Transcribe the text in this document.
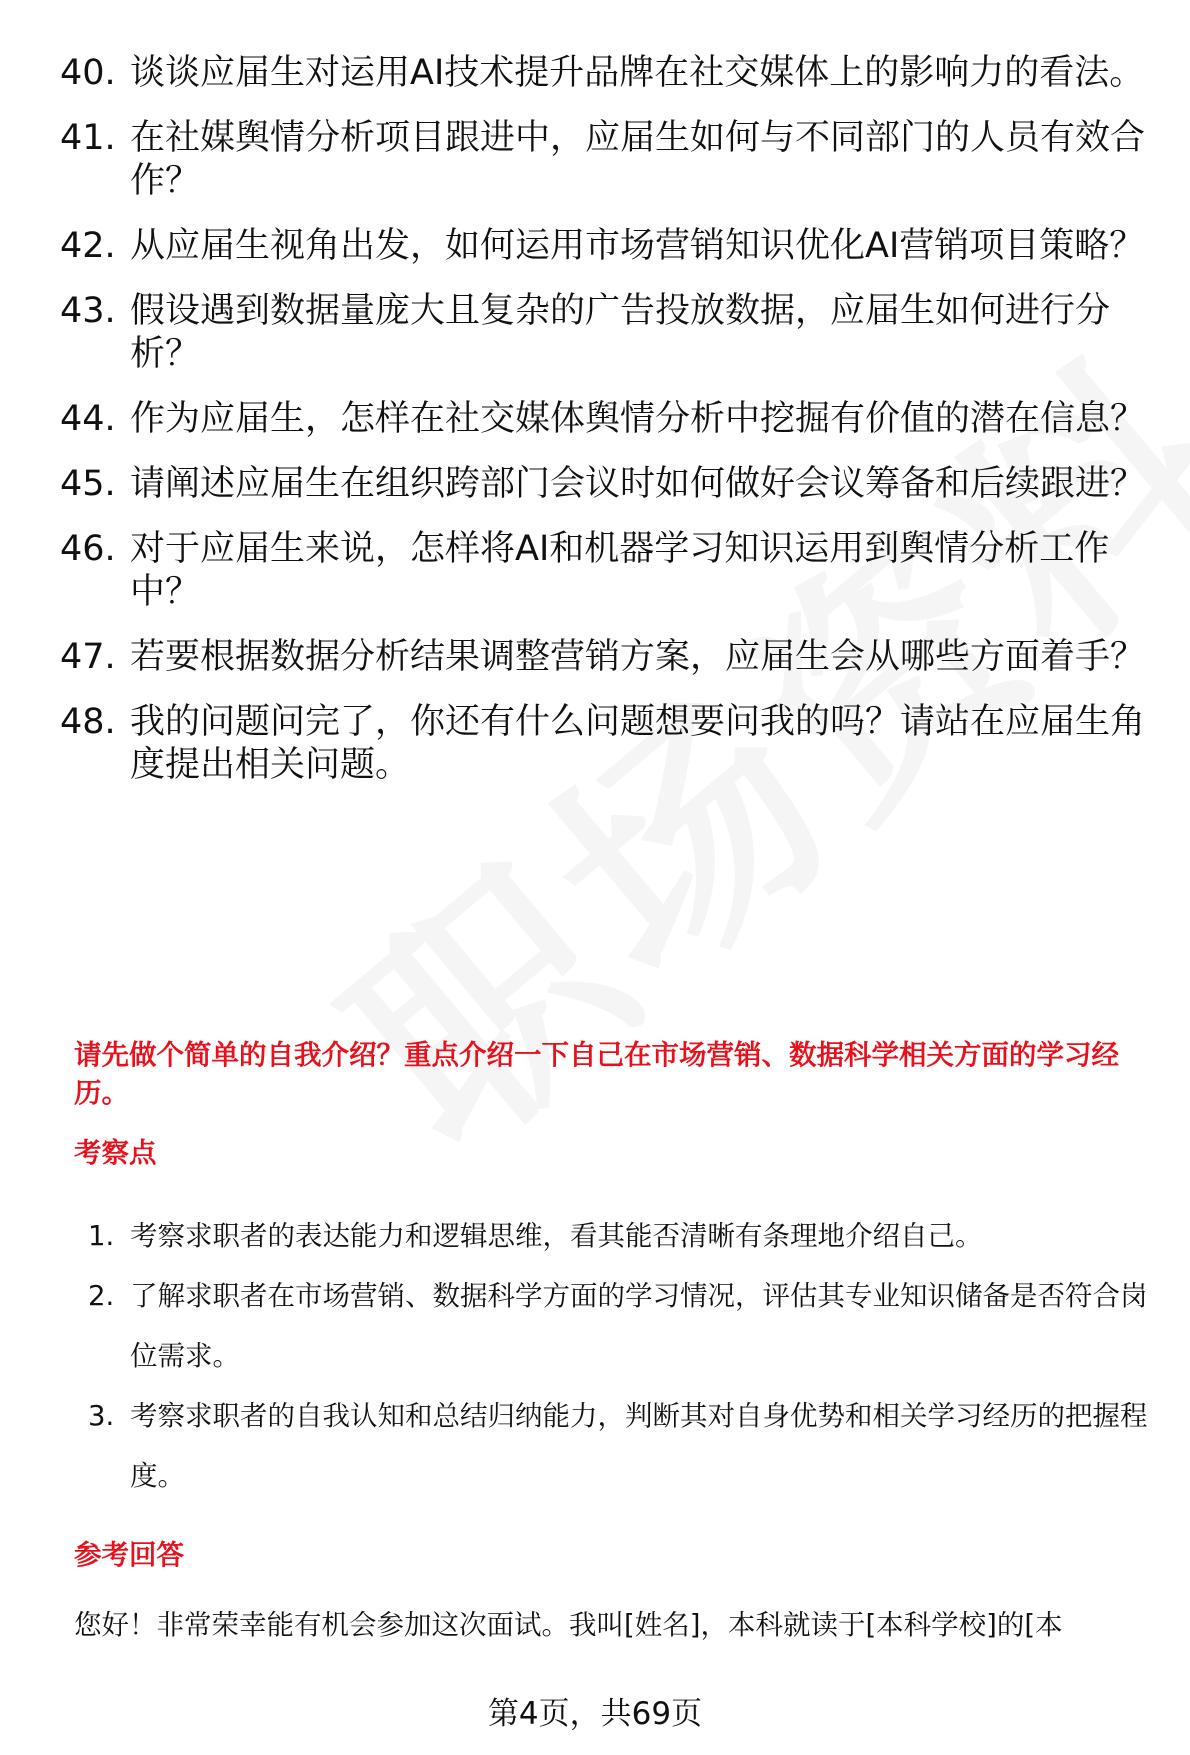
40. 谈谈应届生对运用AI技术提升品牌在社交媒体上的影响力的看法。
41. 在社媒舆情分析项目跟进中，应届生如何与不同部门的人员有效合作？
42. 从应届生视角出发，如何运用市场营销知识优化AI营销项目策略？
43. 假设遇到数据量庞大且复杂的广告投放数据，应届生如何进行分析？
44. 作为应届生，怎样在社交媒体舆情分析中挖掘有价值的潜在信息？
45. 请阐述应届生在组织跨部门会议时如何做好会议筹备和后续跟进？
46. 对于应届生来说，怎样将AI和机器学习知识运用到舆情分析工作中？
47. 若要根据数据分析结果调整营销方案，应届生会从哪些方面着手？
48. 我的问题问完了，你还有什么问题想要问我的吗？请站在应届生角度提出相关问题。
请先做个简单的自我介绍？重点介绍一下自己在市场营销、数据科学相关方面的学习经历。
考察点
1. 考察求职者的表达能力和逻辑思维，看其能否清晰有条理地介绍自己。
2. 了解求职者在市场营销、数据科学方面的学习情况，评估其专业知识储备是否符合岗位需求。
3. 考察求职者的自我认知和总结归纳能力，判断其对自身优势和相关学习经历的把握程度。
参考回答
您好！非常荣幸能有机会参加这次面试。我叫[姓名]，本科就读于[本科学校]的[本
第4页，共69页
